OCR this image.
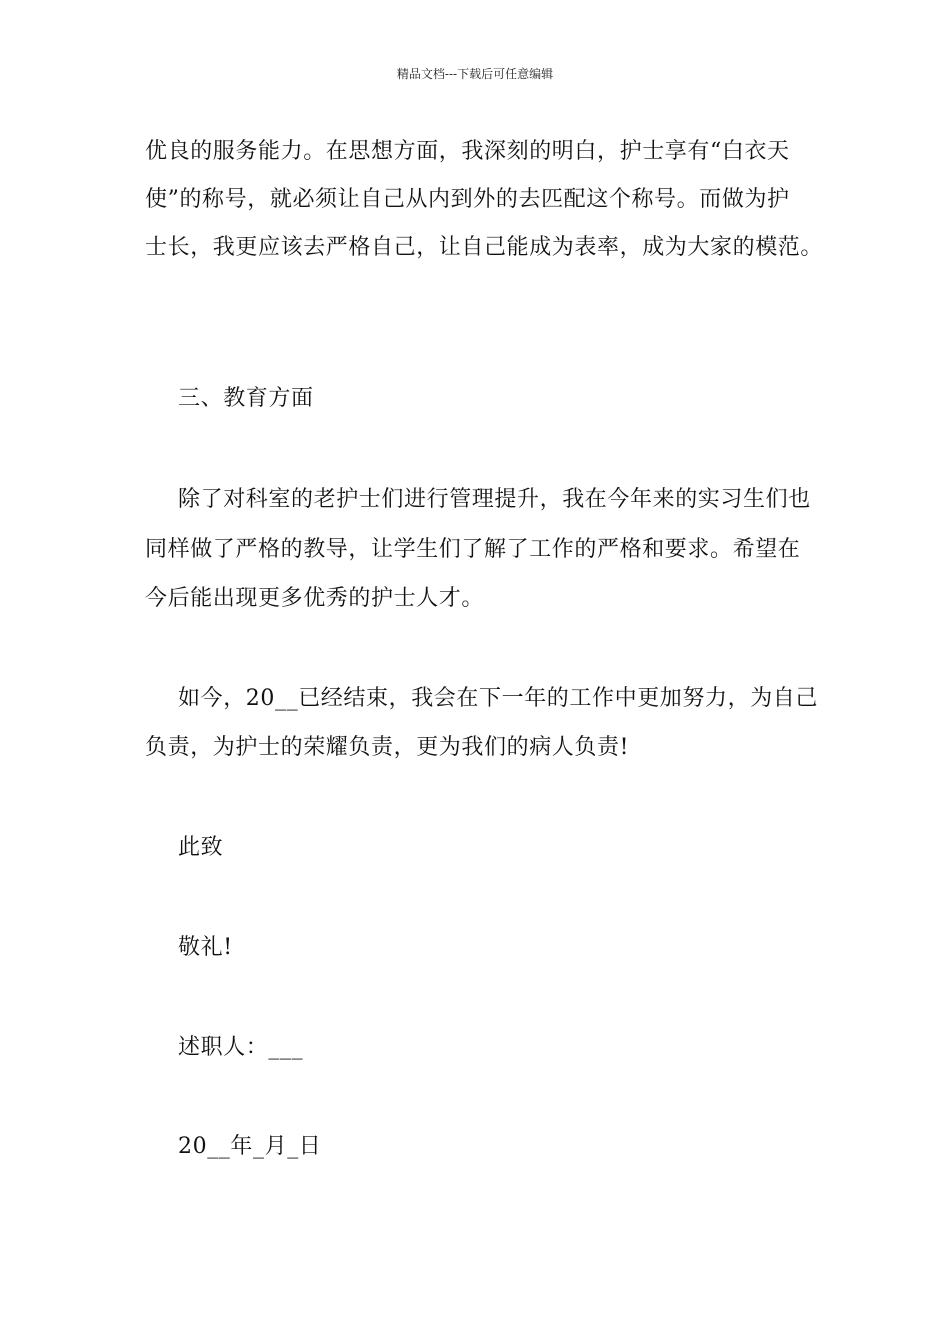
精品文档---下载后可任意编辑
优良的服务能力。在思想方面，我深刻的明白，护士享有“白衣天
使”的称号，就必须让自己从内到外的去匹配这个称号。而做为护
士长，我更应该去严格自己，让自己能成为表率，成为大家的模范。
三、教育方面
除了对科室的老护士们进行管理提升，我在今年来的实习生们也
同样做了严格的教导，让学生们了解了工作的严格和要求。希望在
今后能出现更多优秀的护士人才。
如今，20__已经结束，我会在下一年的工作中更加努力，为自己
负责，为护士的荣耀负责，更为我们的病人负责!
此致
敬礼!
述职人：___
20__年_月_日
